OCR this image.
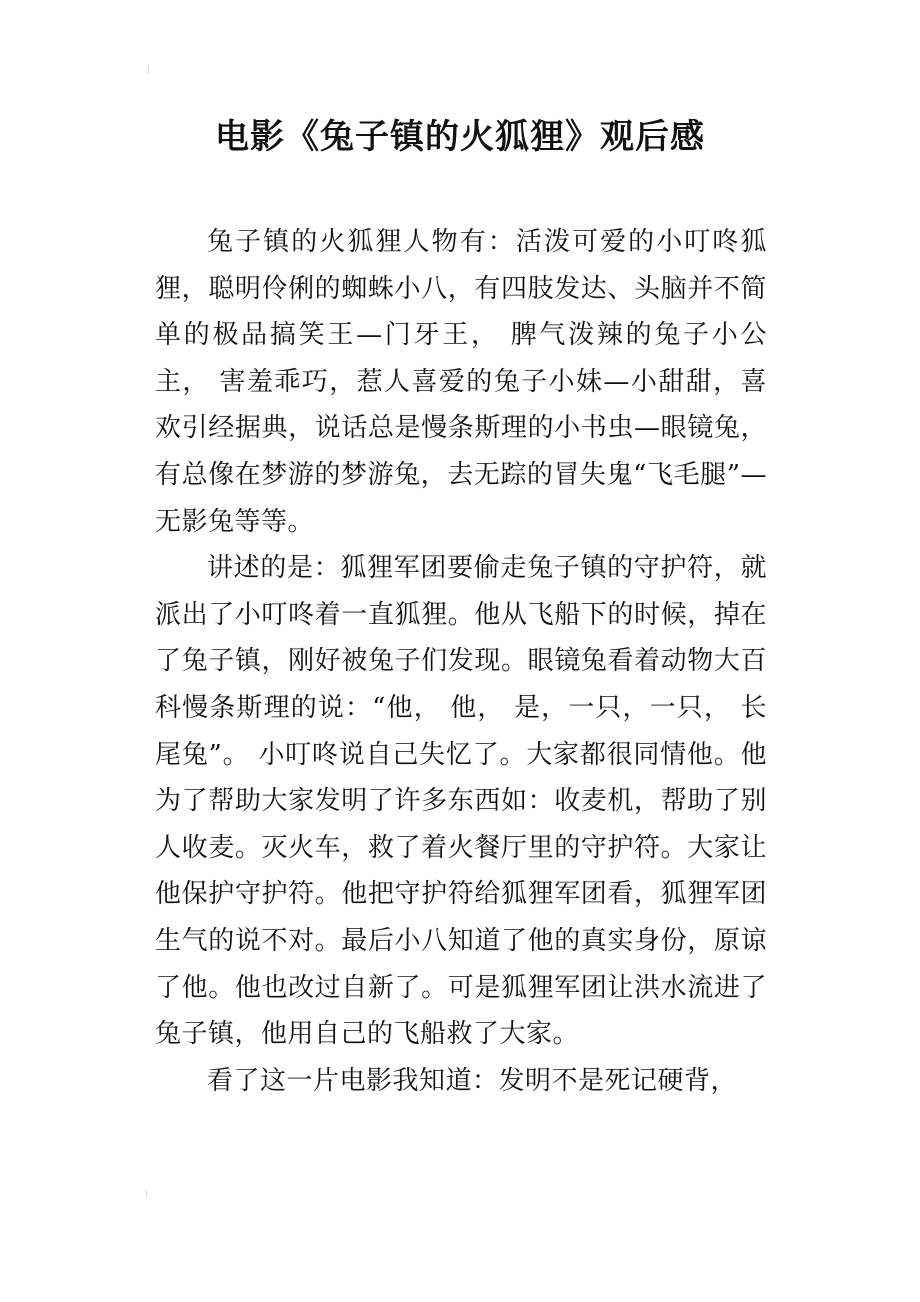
⁞
电影《兔子镇的火狐狸》观后感

兔子镇的火狐狸人物有：活泼可爱的小叮咚狐狸，聪明伶俐的蜘蛛小八，有四肢发达、头脑并不简单的极品搞笑王—门牙王， 脾气泼辣的兔子小公主， 害羞乖巧，惹人喜爱的兔子小妹—小甜甜，喜欢引经据典，说话总是慢条斯理的小书虫—眼镜兔，有总像在梦游的梦游兔，去无踪的冒失鬼“飞毛腿”—无影兔等等。

讲述的是：狐狸军团要偷走兔子镇的守护符，就派出了小叮咚着一直狐狸。他从飞船下的时候，掉在了兔子镇，刚好被兔子们发现。眼镜兔看着动物大百科慢条斯理的说：“他， 他， 是，一只，一只， 长尾兔”。 小叮咚说自己失忆了。大家都很同情他。他为了帮助大家发明了许多东西如：收麦机，帮助了别人收麦。灭火车，救了着火餐厅里的守护符。大家让他保护守护符。他把守护符给狐狸军团看，狐狸军团生气的说不对。最后小八知道了他的真实身份，原谅了他。他也改过自新了。可是狐狸军团让洪水流进了兔子镇，他用自己的飞船救了大家。

看了这一片电影我知道：发明不是死记硬背，

⁞
